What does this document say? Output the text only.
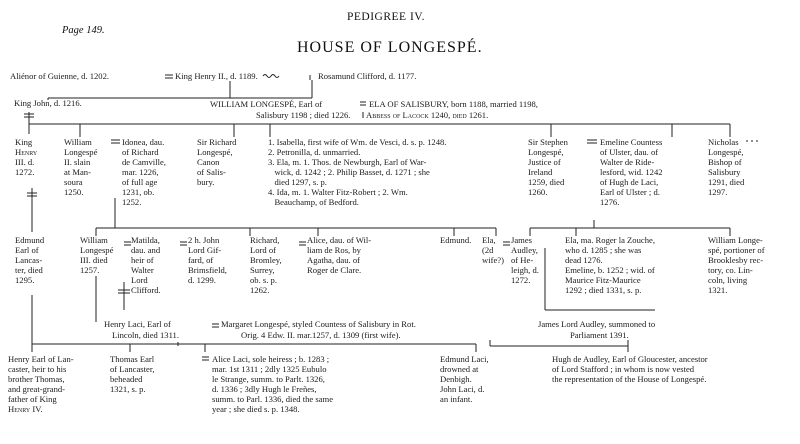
Page 149.
PEDIGREE IV.
HOUSE OF LONGESPÉ.
Aliénor of Guienne, d. 1202.	King Henry II., d. 1189.	Rosamund Clifford, d. 1177.
King John, d. 1216.	WILLIAM LONGESPÉ, Earl of
Salisbury 1198 ; died 1226.
ELA OF SALISBURY, born 1188, married 1198,
Abbess of Lacock 1240, died 1261.
King
Henry
III. d.
1272.
William
Longespé
II. slain
at Man-
soura
1250.
Idonea, dau.
of Richard
de Camville,
mar. 1226,
of full age
1231, ob.
1252.
Sir Richard
Longespé,
Canon
of Salis-
bury.
1. Isabella, first wife of Wm. de Vesci, d. s. p. 1248.
2. Petronilla, d. unmarried.
3. Ela, m. 1. Thos. de Newburgh, Earl of War-
wick, d. 1242 ; 2. Philip Basset, d. 1271 ; she
died 1297, s. p.
4. Ida, m. 1. Walter Fitz-Robert ; 2. Wm.
Beauchamp, of Bedford.
Sir Stephen
Longespé,
Justice of
Ireland
1259, died
1260.
Emeline Countess
of Ulster, dau. of
Walter de Ride-
lesford, wid. 1242
of Hugh de Laci,
Earl of Ulster ; d.
1276.
Nicholas
Longespé,
Bishop of
Salisbury
1291, died
1297.
Edmund
Earl of
Lancas-
ter, died
1295.
William
Longespé
III. died
1257.
Matilda,
dau. and
heir of
Walter
Lord
Clifford.
2 h. John
Lord Gif-
fard, of
Brimsfield,
d. 1299.
Richard,
Lord of
Bromley,
Surrey,
ob. s. p.
1262.
Alice, dau. of Wil-
liam de Ros, by
Agatha, dau. of
Roger de Clare.
Edmund. Ela,
(2d
wife?)
James
Audley,
of He-
leigh, d.
1272.
Ela, ma. Roger la Zouche,
who d. 1285 ; she was
dead 1276.
Emeline, b. 1252 ; wid. of
Maurice Fitz-Maurice
1292 ; died 1331, s. p.
William Longe-
spé, portioner of
Brooklesby rec-
tory, co. Lin-
coln, living
1321.
Henry Laci, Earl of
Lincoln, died 1311.
Margaret Longespé, styled Countess of Salisbury in Rot.
Orig. 4 Edw. II. mar.1257, d. 1309 (first wife).
James Lord Audley, summoned to
Parliament 1391.
Henry Earl of Lan-
caster, heir to his
brother Thomas,
and great-grand-
father of King
Henry IV.
Thomas Earl
of Lancaster,
beheaded
1321, s. p.
Alice Laci, sole heiress ; b. 1283 ;
mar. 1st 1311 ; 2dly 1325 Eubulo
le Strange, summ. to Parlt. 1326,
d. 1336 ; 3dly Hugh le Freñes,
summ. to Parl. 1336, died the same
year ; she died s. p. 1348.
Edmund Laci,
drowned at
Denbigh.
John Laci, d.
an infant.
Hugh de Audley, Earl of Gloucester, ancestor
of Lord Stafford ; in whom is now vested
the representation of the House of Longespé.
